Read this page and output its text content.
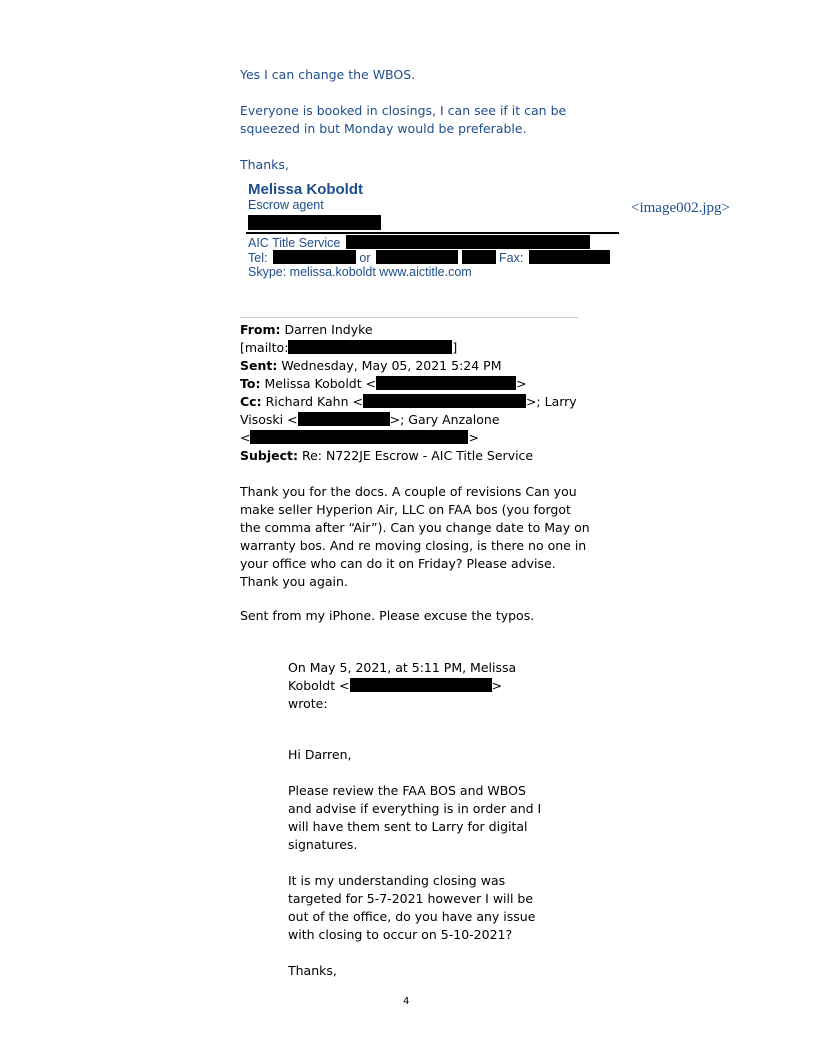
Yes I can change the WBOS.
Everyone is booked in closings, I can see if it can be
squeezed in but Monday would be preferable.
Thanks,
Melissa Koboldt
Escrow agent
AIC Title Service
Tel:	or	Fax:
Skype: melissa.koboldt www.aictitle.com
<image002.jpg>
From: Darren Indyke
[mailto:	]
Sent: Wednesday, May 05, 2021 5:24 PM
To: Melissa Koboldt <	>
Cc: Richard Kahn <	>; Larry
Visoski <	>; Gary Anzalone
<	>
Subject: Re: N722JE Escrow - AIC Title Service
Thank you for the docs. A couple of revisions Can you
make seller Hyperion Air, LLC on FAA bos (you forgot
the comma after “Air”). Can you change date to May on
warranty bos. And re moving closing, is there no one in
your office who can do it on Friday? Please advise.
Thank you again.
Sent from my iPhone. Please excuse the typos.
On May 5, 2021, at 5:11 PM, Melissa
Koboldt <	>
wrote:
Hi Darren,
Please review the FAA BOS and WBOS
and advise if everything is in order and I
will have them sent to Larry for digital
signatures.
It is my understanding closing was
targeted for 5-7-2021 however I will be
out of the office, do you have any issue
with closing to occur on 5-10-2021?
Thanks,
4
